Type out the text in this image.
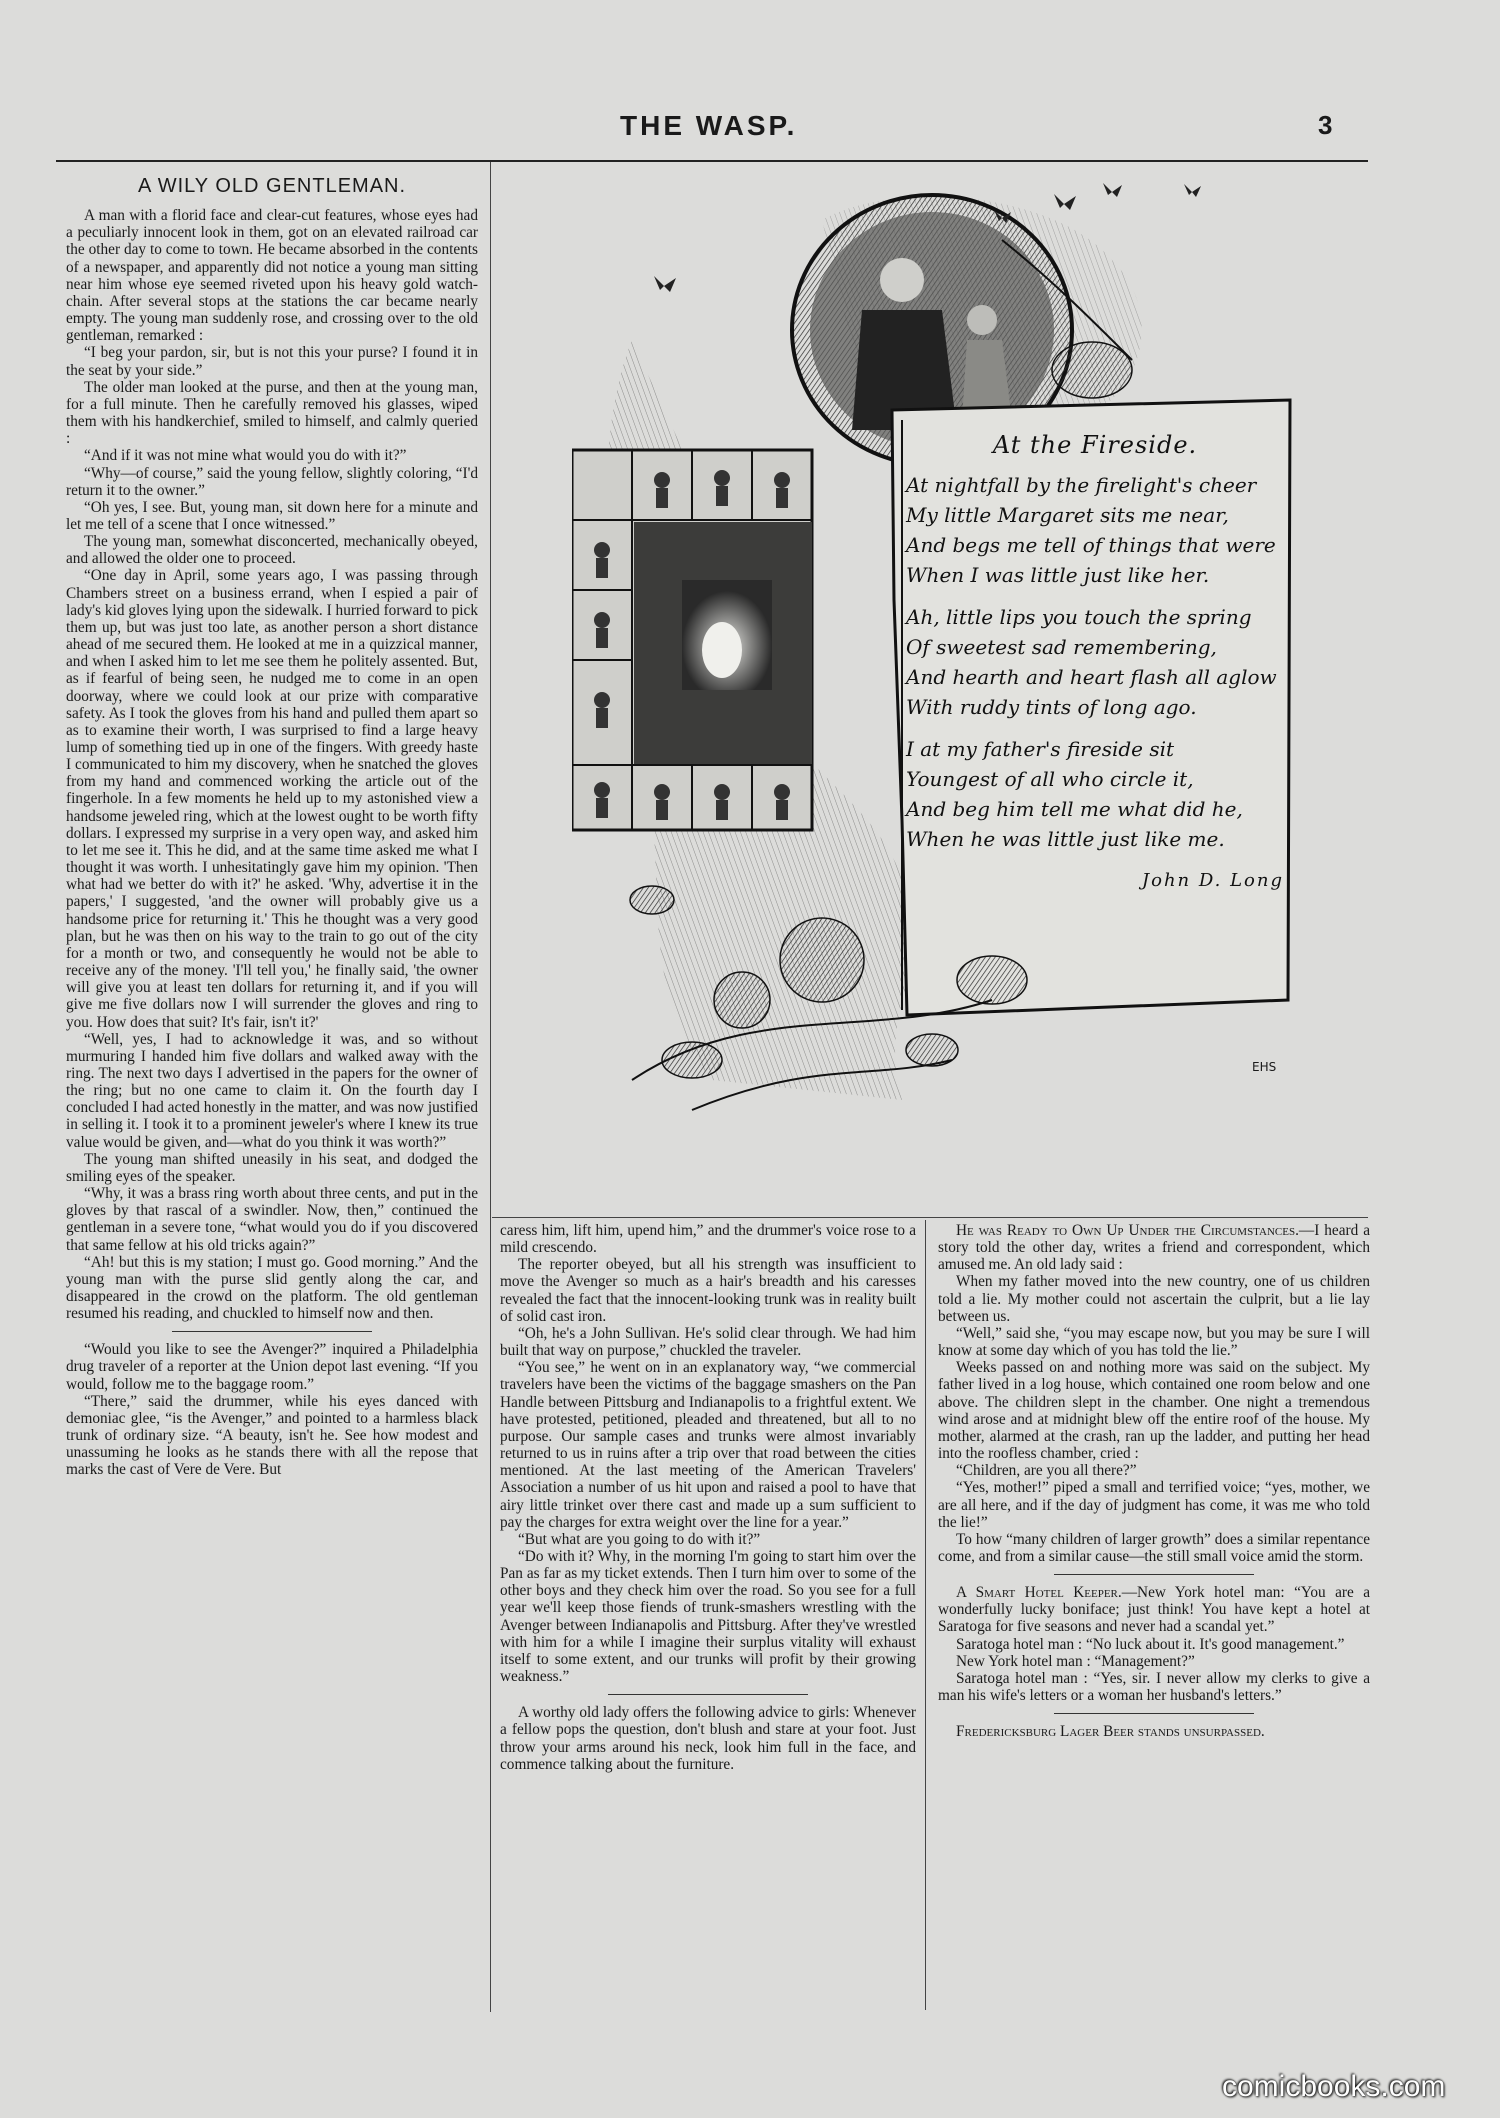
THE WASP.	3
A WILY OLD GENTLEMAN.

A man with a florid face and clear-cut features, whose eyes had a peculiarly innocent look in them, got on an elevated railroad car the other day to come to town. He became absorbed in the contents of a newspaper, and apparently did not notice a young man sitting near him whose eye seemed riveted upon his heavy gold watch-chain. After several stops at the stations the car became nearly empty. The young man suddenly rose, and crossing over to the old gentleman, remarked :

“I beg your pardon, sir, but is not this your purse? I found it in the seat by your side.”

The older man looked at the purse, and then at the young man, for a full minute. Then he carefully removed his glasses, wiped them with his handkerchief, smiled to himself, and calmly queried :

“And if it was not mine what would you do with it?”

“Why—of course,” said the young fellow, slightly coloring, “I'd return it to the owner.”

“Oh yes, I see. But, young man, sit down here for a minute and let me tell of a scene that I once witnessed.”

The young man, somewhat disconcerted, mechanically obeyed, and allowed the older one to proceed.

“One day in April, some years ago, I was passing through Chambers street on a business errand, when I espied a pair of lady's kid gloves lying upon the sidewalk. I hurried forward to pick them up, but was just too late, as another person a short distance ahead of me secured them. He looked at me in a quizzical manner, and when I asked him to let me see them he politely assented. But, as if fearful of being seen, he nudged me to come in an open doorway, where we could look at our prize with comparative safety. As I took the gloves from his hand and pulled them apart so as to examine their worth, I was surprised to find a large heavy lump of something tied up in one of the fingers. With greedy haste I communicated to him my discovery, when he snatched the gloves from my hand and commenced working the article out of the fingerhole. In a few moments he held up to my astonished view a handsome jeweled ring, which at the lowest ought to be worth fifty dollars. I expressed my surprise in a very open way, and asked him to let me see it. This he did, and at the same time asked me what I thought it was worth. I unhesitatingly gave him my opinion. 'Then what had we better do with it?' he asked. 'Why, advertise it in the papers,' I suggested, 'and the owner will probably give us a handsome price for returning it.' This he thought was a very good plan, but he was then on his way to the train to go out of the city for a month or two, and consequently he would not be able to receive any of the money. 'I'll tell you,' he finally said, 'the owner will give you at least ten dollars for returning it, and if you will give me five dollars now I will surrender the gloves and ring to you. How does that suit? It's fair, isn't it?'

“Well, yes, I had to acknowledge it was, and so without murmuring I handed him five dollars and walked away with the ring. The next two days I advertised in the papers for the owner of the ring; but no one came to claim it. On the fourth day I concluded I had acted honestly in the matter, and was now justified in selling it. I took it to a prominent jeweler's where I knew its true value would be given, and—what do you think it was worth?”

The young man shifted uneasily in his seat, and dodged the smiling eyes of the speaker.

“Why, it was a brass ring worth about three cents, and put in the gloves by that rascal of a swindler. Now, then,” continued the gentleman in a severe tone, “what would you do if you discovered that same fellow at his old tricks again?”

“Ah! but this is my station; I must go. Good morning.” And the young man with the purse slid gently along the car, and disappeared in the crowd on the platform. The old gentleman resumed his reading, and chuckled to himself now and then.

“Would you like to see the Avenger?” inquired a Philadelphia drug traveler of a reporter at the Union depot last evening. “If you would, follow me to the baggage room.”

“There,” said the drummer, while his eyes danced with demoniac glee, “is the Avenger,” and pointed to a harmless black trunk of ordinary size. “A beauty, isn't he. See how modest and unassuming he looks as he stands there with all the repose that marks the cast of Vere de Vere. But

At the Fireside.
At nightfall by the firelight's cheer
My little Margaret sits me near,
And begs me tell of things that were
When I was little just like her.
Ah, little lips you touch the spring
Of sweetest sad remembering,
And hearth and heart flash all aglow
With ruddy tints of long ago.
I at my father's fireside sit
Youngest of all who circle it,
And beg him tell me what did he,
When he was little just like me.
John D. Long
EHS

caress him, lift him, upend him,” and the drummer's voice rose to a mild crescendo.

The reporter obeyed, but all his strength was insufficient to move the Avenger so much as a hair's breadth and his caresses revealed the fact that the innocent-looking trunk was in reality built of solid cast iron.

“Oh, he's a John Sullivan. He's solid clear through. We had him built that way on purpose,” chuckled the traveler.

“You see,” he went on in an explanatory way, “we commercial travelers have been the victims of the baggage smashers on the Pan Handle between Pittsburg and Indianapolis to a frightful extent. We have protested, petitioned, pleaded and threatened, but all to no purpose. Our sample cases and trunks were almost invariably returned to us in ruins after a trip over that road between the cities mentioned. At the last meeting of the American Travelers' Association a number of us hit upon and raised a pool to have that airy little trinket over there cast and made up a sum sufficient to pay the charges for extra weight over the line for a year.”

“But what are you going to do with it?”

“Do with it? Why, in the morning I'm going to start him over the Pan as far as my ticket extends. Then I turn him over to some of the other boys and they check him over the road. So you see for a full year we'll keep those fiends of trunk-smashers wrestling with the Avenger between Indianapolis and Pittsburg. After they've wrestled with him for a while I imagine their surplus vitality will exhaust itself to some extent, and our trunks will profit by their growing weakness.”

A worthy old lady offers the following advice to girls: Whenever a fellow pops the question, don't blush and stare at your foot. Just throw your arms around his neck, look him full in the face, and commence talking about the furniture.

He was Ready to Own Up Under the Circumstances.—I heard a story told the other day, writes a friend and correspondent, which amused me. An old lady said :

When my father moved into the new country, one of us children told a lie. My mother could not ascertain the culprit, but a lie lay between us.

“Well,” said she, “you may escape now, but you may be sure I will know at some day which of you has told the lie.”

Weeks passed on and nothing more was said on the subject. My father lived in a log house, which contained one room below and one above. The children slept in the chamber. One night a tremendous wind arose and at midnight blew off the entire roof of the house. My mother, alarmed at the crash, ran up the ladder, and putting her head into the roofless chamber, cried :

“Children, are you all there?”

“Yes, mother!” piped a small and terrified voice; “yes, mother, we are all here, and if the day of judgment has come, it was me who told the lie!”

To how “many children of larger growth” does a similar repentance come, and from a similar cause—the still small voice amid the storm.

A Smart Hotel Keeper.—New York hotel man: “You are a wonderfully lucky boniface; just think! You have kept a hotel at Saratoga for five seasons and never had a scandal yet.”

Saratoga hotel man : “No luck about it. It's good management.”

New York hotel man : “Management?”

Saratoga hotel man : “Yes, sir. I never allow my clerks to give a man his wife's letters or a woman her husband's letters.”

Fredericksburg Lager Beer stands unsurpassed.

comicbooks.com
